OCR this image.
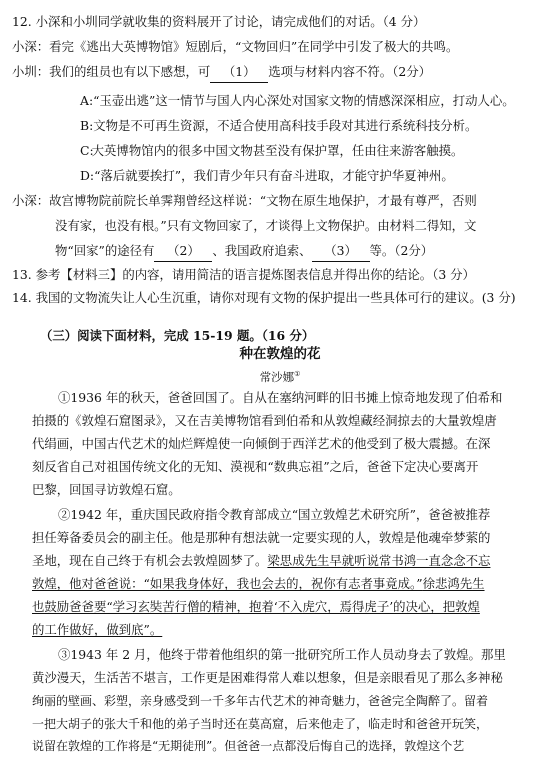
12. 小深和小圳同学就收集的资料展开了讨论，请完成他们的对话。（4 分）
小深：看完《逃出大英博物馆》短剧后，“文物回归”在同学中引发了极大的共鸣。
小圳：我们的组员也有以下感想，可 （1） 选项与材料内容不符。（2分）
A:“玉壶出逃”这一情节与国人内心深处对国家文物的情感深深相应，打动人心。
B:文物是不可再生资源，不适合使用高科技手段对其进行系统科技分析。
C:大英博物馆内的很多中国文物甚至没有保护罩，任由往来游客触摸。
D:“落后就要挨打”，我们青少年只有奋斗进取，才能守护华夏神州。
小深：故宫博物院前院长单霁翔曾经这样说：“文物在原生地保护，才最有尊严，否则
没有家，也没有根。”只有文物回家了，才谈得上文物保护。由材料二得知，文
物“回家”的途径有 （2） 、我国政府追索、 （3） 等。（2分）
13. 参考【材料三】的内容，请用简洁的语言提炼图表信息并得出你的结论。（3 分）
14. 我国的文物流失让人心生沉重，请你对现有文物的保护提出一些具体可行的建议。(3 分)
（三）阅读下面材料，完成 15-19 题。（16 分）
种在敦煌的花
常沙娜①
①1936 年的秋天，爸爸回国了。自从在塞纳河畔的旧书摊上惊奇地发现了伯希和
拍摄的《敦煌石窟图录》，又在吉美博物馆看到伯希和从敦煌藏经洞掠去的大量敦煌唐
代绢画，中国古代艺术的灿烂辉煌使一向倾倒于西洋艺术的他受到了极大震撼。在深
刻反省自己对祖国传统文化的无知、漠视和“数典忘祖”之后，爸爸下定决心要离开
巴黎，回国寻访敦煌石窟。
②1942 年，重庆国民政府指令教育部成立“国立敦煌艺术研究所”，爸爸被推荐
担任筹备委员会的副主任。他是那种有想法就一定要实现的人，敦煌是他魂牵梦萦的
圣地，现在自己终于有机会去敦煌圆梦了。梁思成先生早就听说常书鸿一直念念不忘
敦煌，他对爸爸说：“如果我身体好，我也会去的，祝你有志者事竟成。”徐悲鸿先生
也鼓励爸爸要“学习玄奘苦行僧的精神，抱着‘不入虎穴，焉得虎子’的决心，把敦煌
的工作做好，做到底”。
③1943 年 2 月，他终于带着他组织的第一批研究所工作人员动身去了敦煌。那里
黄沙漫天，生活苦不堪言，工作更是困难得常人难以想象，但是亲眼看见了那么多神秘
绚丽的壁画、彩塑，亲身感受到一千多年古代艺术的神奇魅力，爸爸完全陶醉了。留着
一把大胡子的张大千和他的弟子当时还在莫高窟，后来他走了，临走时和爸爸开玩笑，
说留在敦煌的工作将是“无期徒刑”。但爸爸一点都没后悔自己的选择，敦煌这个艺
